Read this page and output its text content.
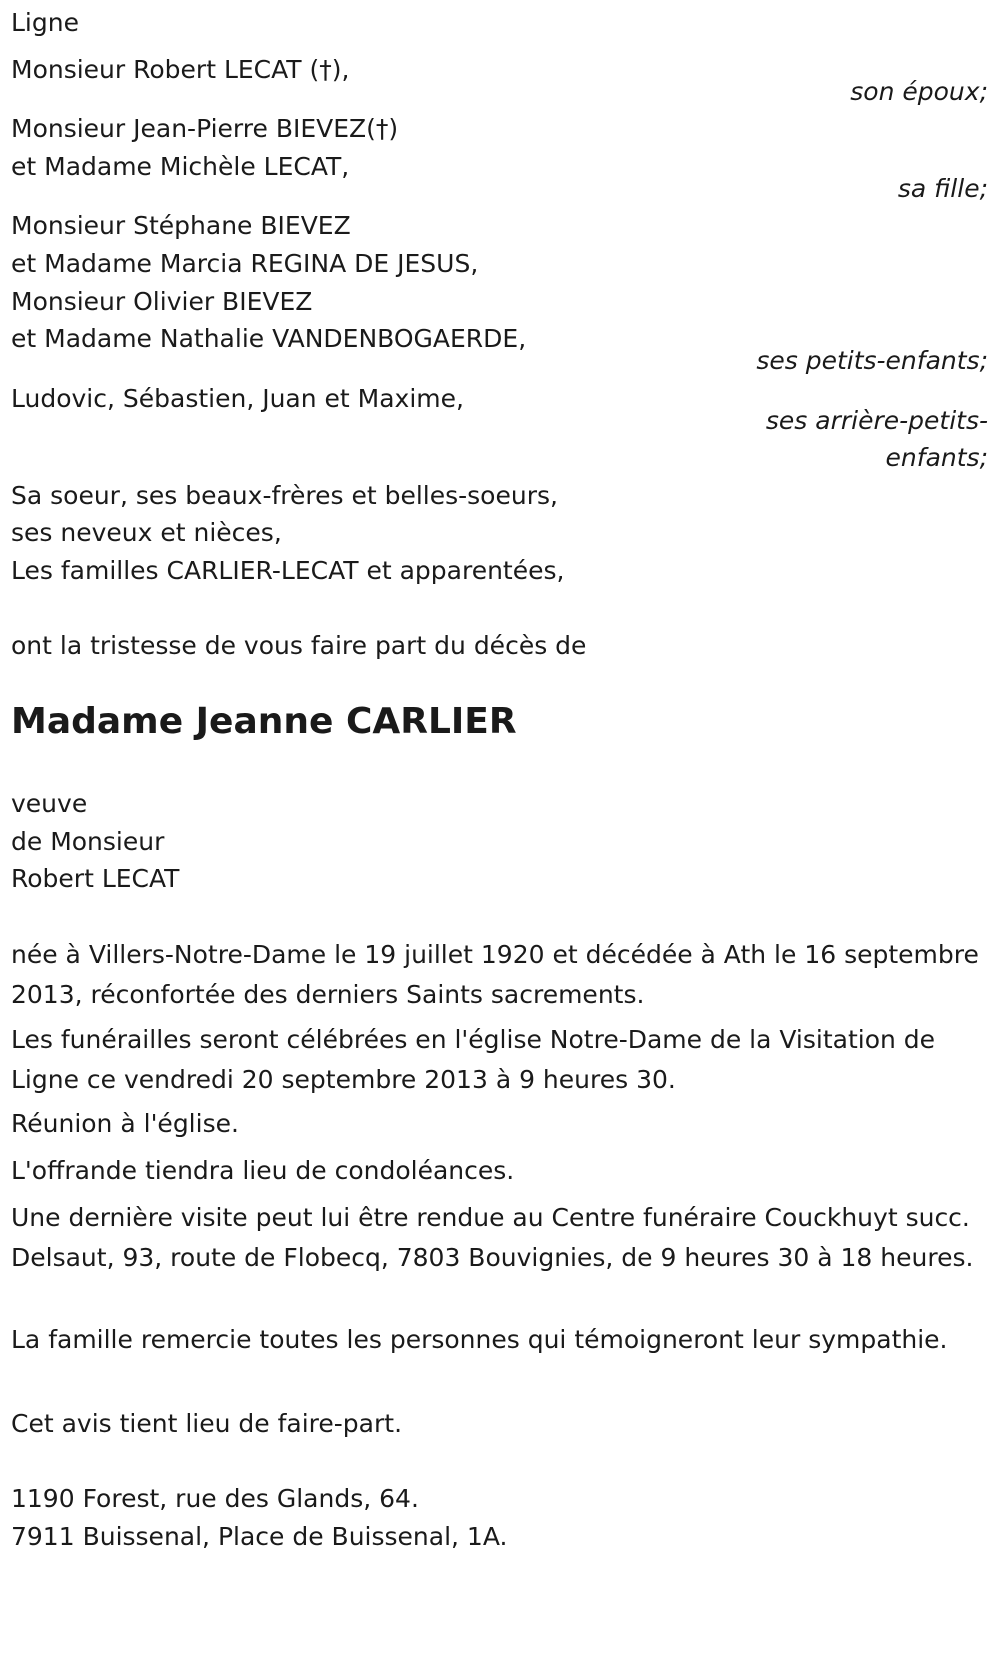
Ligne
Monsieur Robert LECAT (†),
son époux;
Monsieur Jean-Pierre BIEVEZ(†)
et Madame Michèle LECAT,
sa fille;
Monsieur Stéphane BIEVEZ
et Madame Marcia REGINA DE JESUS,
Monsieur Olivier BIEVEZ
et Madame Nathalie VANDENBOGAERDE,
ses petits-enfants;
Ludovic, Sébastien, Juan et Maxime,
ses arrière-petits-
enfants;
Sa soeur, ses beaux-frères et belles-soeurs,
ses neveux et nièces,
Les familles CARLIER-LECAT et apparentées,
ont la tristesse de vous faire part du décès de
Madame Jeanne CARLIER
veuve
de Monsieur
Robert LECAT
née à Villers-Notre-Dame le 19 juillet 1920 et décédée à Ath le 16 septembre 2013, réconfortée des derniers Saints sacrements.
Les funérailles seront célébrées en l'église Notre-Dame de la Visitation de Ligne ce vendredi 20 septembre 2013 à 9 heures 30.
Réunion à l'église.
L'offrande tiendra lieu de condoléances.
Une dernière visite peut lui être rendue au Centre funéraire Couckhuyt succ. Delsaut, 93, route de Flobecq, 7803 Bouvignies, de 9 heures 30 à 18 heures.
La famille remercie toutes les personnes qui témoigneront leur sympathie.
Cet avis tient lieu de faire-part.
1190 Forest, rue des Glands, 64.
7911 Buissenal, Place de Buissenal, 1A.
